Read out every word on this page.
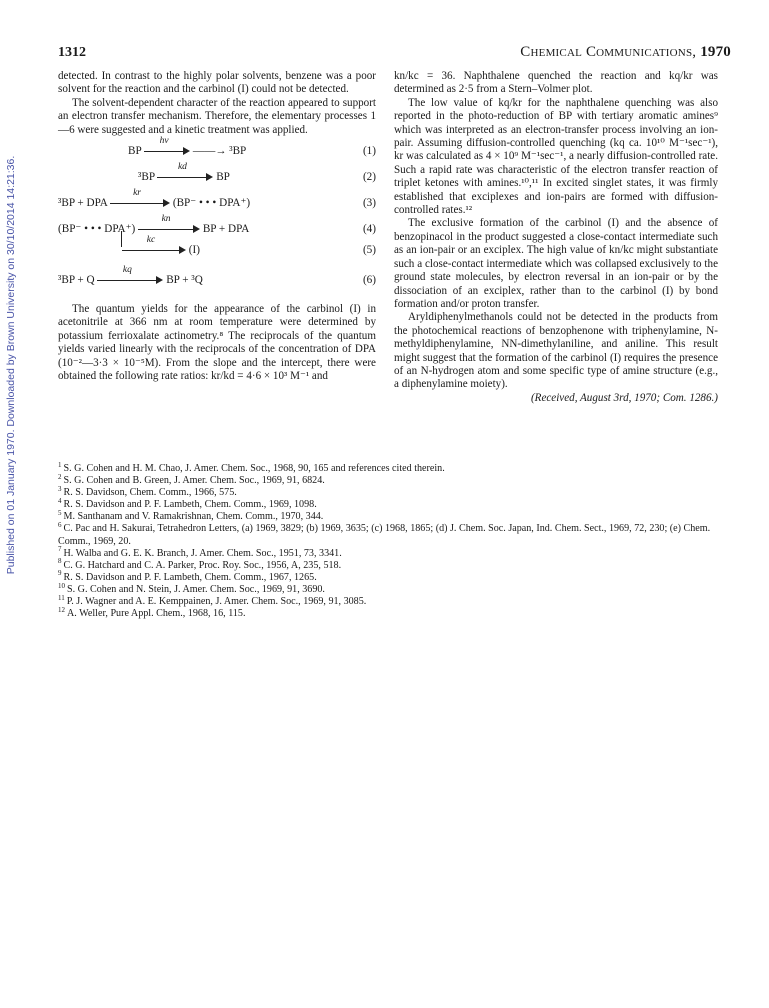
Published on 01 January 1970. Downloaded by Brown University on 30/10/2014 14:21:36.
1312	Chemical Communications, 1970

detected. In contrast to the highly polar solvents, benzene was a poor solvent for the reaction and the carbinol (I) could not be detected.

The solvent-dependent character of the reaction appeared to support an electron transfer mechanism. Therefore, the elementary processes 1—6 were suggested and a kinetic treatment was applied.

BP
hν
——→ ³BP	(1)
³BP
kd
BP	(2)
³BP + DPA
kr
(BP⁻ • • • DPA⁺)	(3)
(BP⁻ • • • DPA⁺)
kn
BP + DPA	(4)
kc
(I)	(5)
³BP + Q
kq
BP + ³Q	(6)

The quantum yields for the appearance of the carbinol (I) in acetonitrile at 366 nm at room temperature were determined by potassium ferrioxalate actinometry.⁸ The reciprocals of the quantum yields varied linearly with the reciprocals of the concentration of DPA (10⁻²—3·3 × 10⁻⁵M). From the slope and the intercept, there were obtained the following rate ratios: kr/kd = 4·6 × 10³ M⁻¹ and

kn/kc = 36. Naphthalene quenched the reaction and kq/kr was determined as 2·5 from a Stern–Volmer plot.

The low value of kq/kr for the naphthalene quenching was also reported in the photo-reduction of BP with tertiary aromatic amines⁹ which was interpreted as an electron-transfer process involving an ion-pair. Assuming diffusion-controlled quenching (kq ca. 10¹⁰ M⁻¹sec⁻¹), kr was calculated as 4 × 10⁹ M⁻¹sec⁻¹, a nearly diffusion-controlled rate. Such a rapid rate was characteristic of the electron transfer reaction of triplet ketones with amines.¹⁰,¹¹ In excited singlet states, it was firmly established that exciplexes and ion-pairs are formed with diffusion-controlled rates.¹²

The exclusive formation of the carbinol (I) and the absence of benzopinacol in the product suggested a close-contact intermediate such as an ion-pair or an exciplex. The high value of kn/kc might substantiate such a close-contact intermediate which was collapsed exclusively to the ground state molecules, by electron reversal in an ion-pair or by the dissociation of an exciplex, rather than to the carbinol (I) by bond formation and/or proton transfer.

Aryldiphenylmethanols could not be detected in the products from the photochemical reactions of benzophenone with triphenylamine, N-methyldiphenylamine, NN-dimethylaniline, and aniline. This result might suggest that the formation of the carbinol (I) requires the presence of an N-hydrogen atom and some specific type of amine structure (e.g., a diphenylamine moiety).

(Received, August 3rd, 1970; Com. 1286.)

$^1$ S. G. Cohen and H. M. Chao, J. Amer. Chem. Soc., 1968, 90, 165 and references cited therein.

$^2$ S. G. Cohen and B. Green, J. Amer. Chem. Soc., 1969, 91, 6824.

$^3$ R. S. Davidson, Chem. Comm., 1966, 575.

$^4$ R. S. Davidson and P. F. Lambeth, Chem. Comm., 1969, 1098.

$^5$ M. Santhanam and V. Ramakrishnan, Chem. Comm., 1970, 344.

$^6$ C. Pac and H. Sakurai, Tetrahedron Letters, (a) 1969, 3829; (b) 1969, 3635; (c) 1968, 1865; (d) J. Chem. Soc. Japan, Ind. Chem. Sect., 1969, 72, 230; (e) Chem. Comm., 1969, 20.

$^7$ H. Walba and G. E. K. Branch, J. Amer. Chem. Soc., 1951, 73, 3341.

$^8$ C. G. Hatchard and C. A. Parker, Proc. Roy. Soc., 1956, A, 235, 518.

$^9$ R. S. Davidson and P. F. Lambeth, Chem. Comm., 1967, 1265.

$^{10}$ S. G. Cohen and N. Stein, J. Amer. Chem. Soc., 1969, 91, 3690.

$^{11}$ P. J. Wagner and A. E. Kemppainen, J. Amer. Chem. Soc., 1969, 91, 3085.

$^{12}$ A. Weller, Pure Appl. Chem., 1968, 16, 115.
